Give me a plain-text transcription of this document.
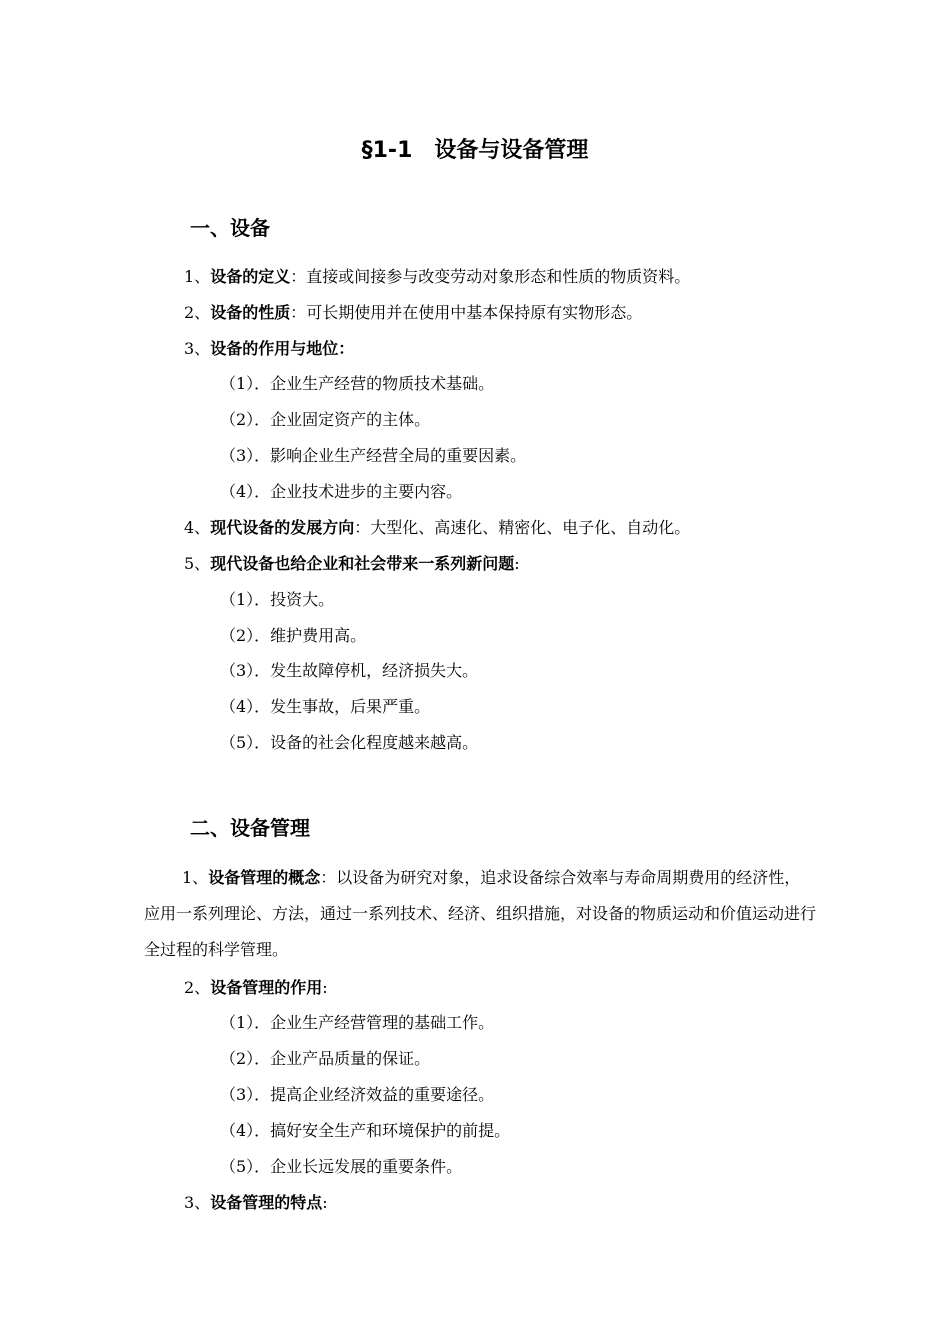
§1-1　设备与设备管理
一、设备

1、设备的定义：直接或间接参与改变劳动对象形态和性质的物质资料。

2、设备的性质：可长期使用并在使用中基本保持原有实物形态。

3、设备的作用与地位：

（1）．企业生产经营的物质技术基础。

（2）．企业固定资产的主体。

（3）．影响企业生产经营全局的重要因素。

（4）．企业技术进步的主要内容。

4、现代设备的发展方向：大型化、高速化、精密化、电子化、自动化。

5、现代设备也给企业和社会带来一系列新问题:

（1）．投资大。

（2）．维护费用高。

（3）．发生故障停机，经济损失大。

（4）．发生事故，后果严重。

（5）．设备的社会化程度越来越高。

二、设备管理

1、设备管理的概念：以设备为研究对象，追求设备综合效率与寿命周期费用的经济性，应用一系列理论、方法，通过一系列技术、经济、组织措施，对设备的物质运动和价值运动进行全过程的科学管理。

2、设备管理的作用:

（1）．企业生产经营管理的基础工作。

（2）．企业产品质量的保证。

（3）．提高企业经济效益的重要途径。

（4）．搞好安全生产和环境保护的前提。

（5）．企业长远发展的重要条件。

3、设备管理的特点:
